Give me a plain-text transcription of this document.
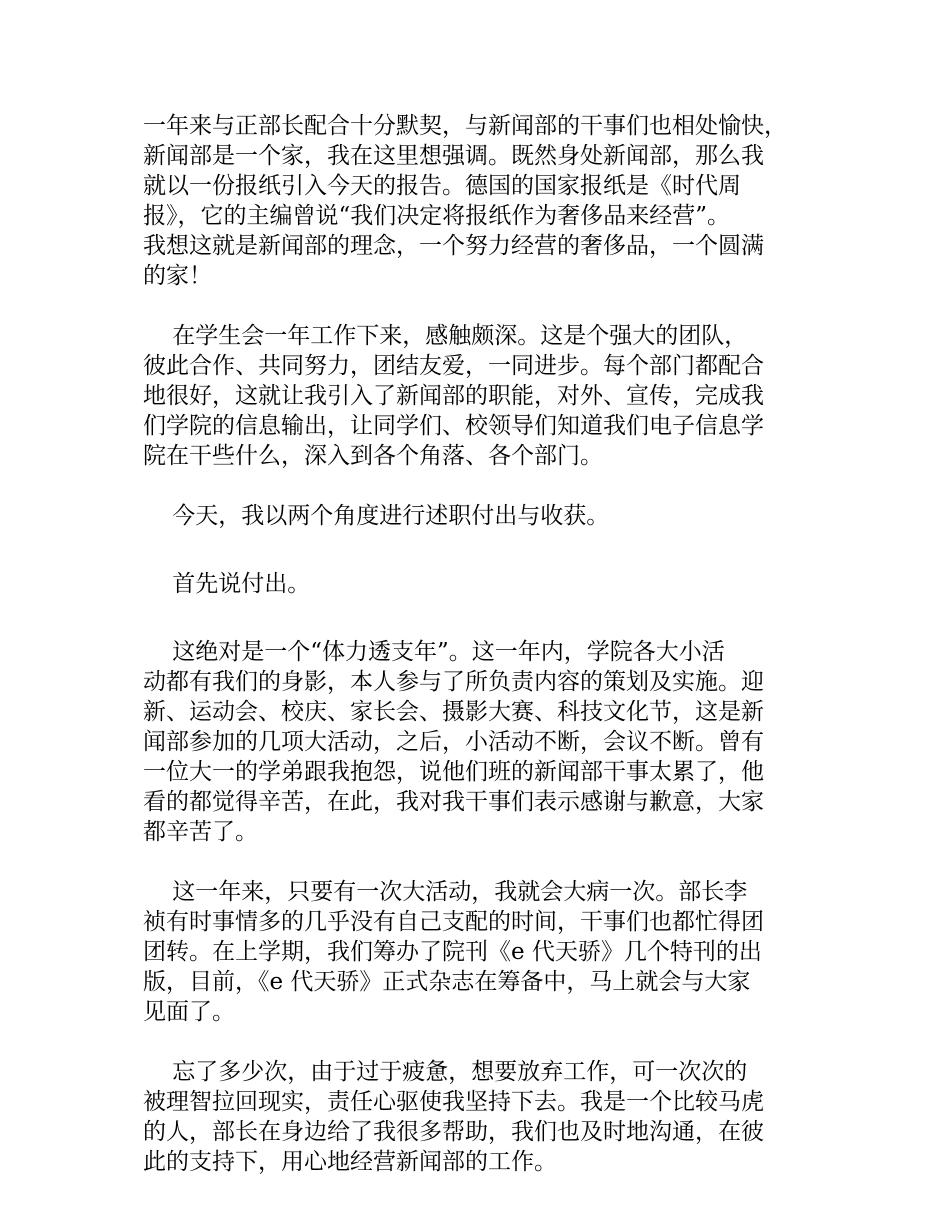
一年来与正部长配合十分默契，与新闻部的干事们也相处愉快，
新闻部是一个家，我在这里想强调。既然身处新闻部，那么我
就以一份报纸引入今天的报告。德国的国家报纸是《时代周
报》，它的主编曾说“我们决定将报纸作为奢侈品来经营”。
我想这就是新闻部的理念，一个努力经营的奢侈品，一个圆满
的家！
在学生会一年工作下来，感触颇深。这是个强大的团队，
彼此合作、共同努力，团结友爱，一同进步。每个部门都配合
地很好，这就让我引入了新闻部的职能，对外、宣传，完成我
们学院的信息输出，让同学们、校领导们知道我们电子信息学
院在干些什么，深入到各个角落、各个部门。
今天，我以两个角度进行述职付出与收获。
首先说付出。
这绝对是一个“体力透支年”。这一年内，学院各大小活
动都有我们的身影，本人参与了所负责内容的策划及实施。迎
新、运动会、校庆、家长会、摄影大赛、科技文化节，这是新
闻部参加的几项大活动，之后，小活动不断，会议不断。曾有
一位大一的学弟跟我抱怨，说他们班的新闻部干事太累了，他
看的都觉得辛苦，在此，我对我干事们表示感谢与歉意，大家
都辛苦了。
这一年来，只要有一次大活动，我就会大病一次。部长李
祯有时事情多的几乎没有自己支配的时间，干事们也都忙得团
团转。在上学期，我们筹办了院刊《e 代天骄》几个特刊的出
版，目前，《e 代天骄》正式杂志在筹备中，马上就会与大家
见面了。
忘了多少次，由于过于疲惫，想要放弃工作，可一次次的
被理智拉回现实，责任心驱使我坚持下去。我是一个比较马虎
的人，部长在身边给了我很多帮助，我们也及时地沟通，在彼
此的支持下，用心地经营新闻部的工作。
